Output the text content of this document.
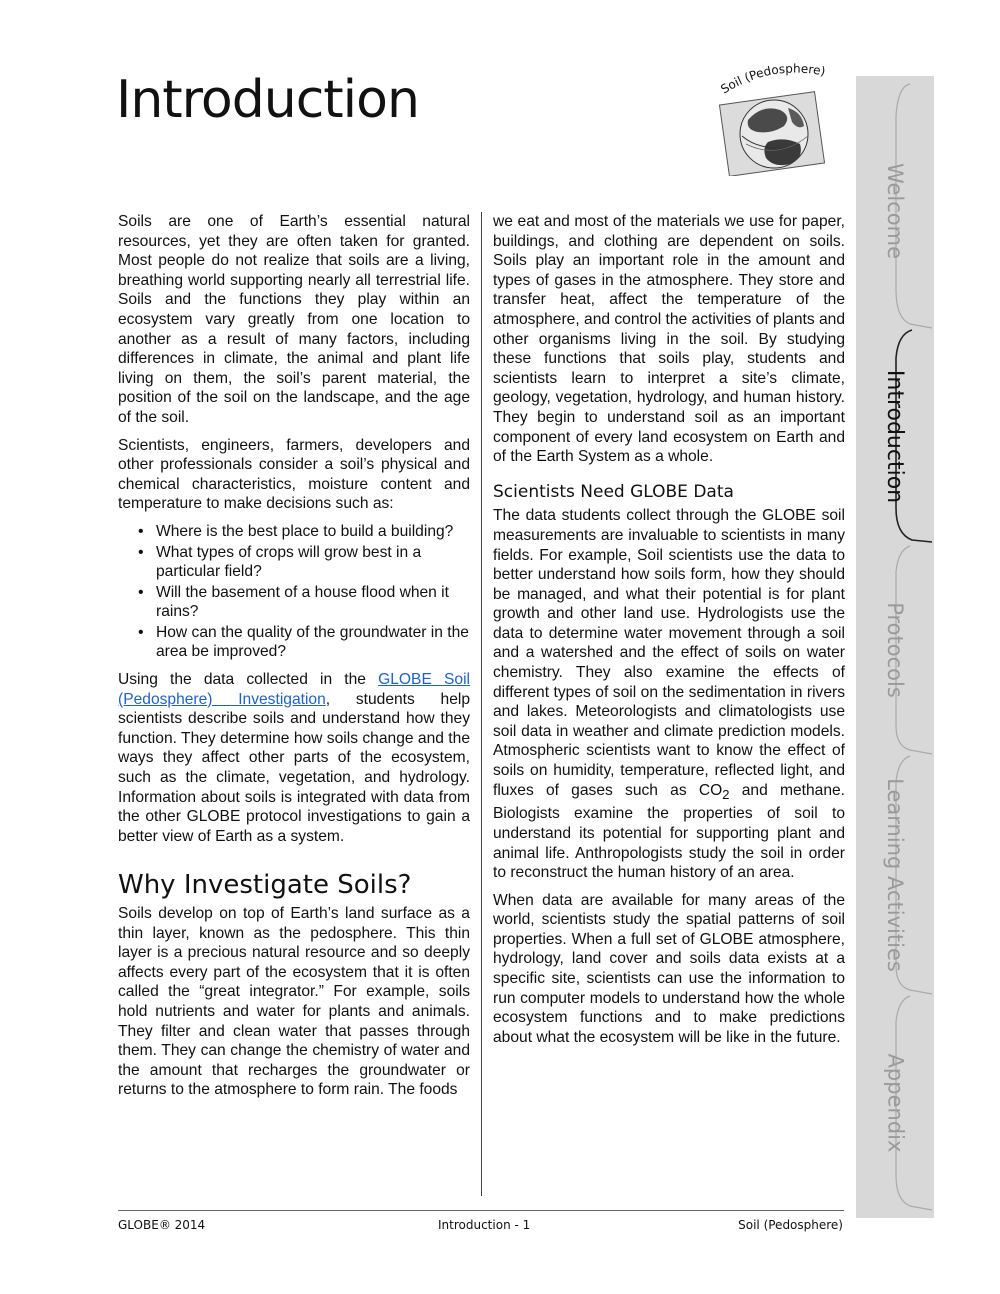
Introduction	Soil (Pedosphere)

Soils are one of Earth’s essential natural resources, yet they are often taken for granted. Most people do not realize that soils are a living, breathing world supporting nearly all terrestrial life. Soils and the functions they play within an ecosystem vary greatly from one location to another as a result of many factors, including differences in climate, the animal and plant life living on them, the soil’s parent material, the position of the soil on the landscape, and the age of the soil.

Scientists, engineers, farmers, developers and other professionals consider a soil’s physical and chemical characteristics, moisture content and temperature to make decisions such as:

• Where is the best place to build a building?
• What types of crops will grow best in a particular field?
• Will the basement of a house flood when it rains?
• How can the quality of the groundwater in the area be improved?

Using the data collected in the GLOBE Soil (Pedosphere) Investigation, students help scientists describe soils and understand how they function. They determine how soils change and the ways they affect other parts of the ecosystem, such as the climate, vegetation, and hydrology. Information about soils is integrated with data from the other GLOBE protocol investigations to gain a better view of Earth as a system.

Why Investigate Soils?

Soils develop on top of Earth’s land surface as a thin layer, known as the pedosphere. This thin layer is a precious natural resource and so deeply affects every part of the ecosystem that it is often called the “great integrator.” For example, soils hold nutrients and water for plants and animals. They filter and clean water that passes through them. They can change the chemistry of water and the amount that recharges the groundwater or returns to the atmosphere to form rain. The foods

we eat and most of the materials we use for paper, buildings, and clothing are dependent on soils. Soils play an important role in the amount and types of gases in the atmosphere. They store and transfer heat, affect the temperature of the atmosphere, and control the activities of plants and other organisms living in the soil. By studying these functions that soils play, students and scientists learn to interpret a site’s climate, geology, vegetation, hydrology, and human history. They begin to understand soil as an important component of every land ecosystem on Earth and of the Earth System as a whole.

Scientists Need GLOBE Data

The data students collect through the GLOBE soil measurements are invaluable to scientists in many fields. For example, Soil scientists use the data to better understand how soils form, how they should be managed, and what their potential is for plant growth and other land use. Hydrologists use the data to determine water movement through a soil and a watershed and the effect of soils on water chemistry. They also examine the effects of different types of soil on the sedimentation in rivers and lakes. Meteorologists and climatologists use soil data in weather and climate prediction models. Atmospheric scientists want to know the effect of soils on humidity, temperature, reflected light, and fluxes of gases such as $CO_2$ and methane. Biologists examine the properties of soil to understand its potential for supporting plant and animal life. Anthropologists study the soil in order to reconstruct the human history of an area.

When data are available for many areas of the world, scientists study the spatial patterns of soil properties. When a full set of GLOBE atmosphere, hydrology, land cover and soils data exists at a specific site, scientists can use the information to run computer models to understand how the whole ecosystem functions and to make predictions about what the ecosystem will be like in the future.

GLOBE® 2014	Introduction - 1	Soil (Pedosphere)
Welcome
Introduction
Protocols
Learning Activities
Appendix
